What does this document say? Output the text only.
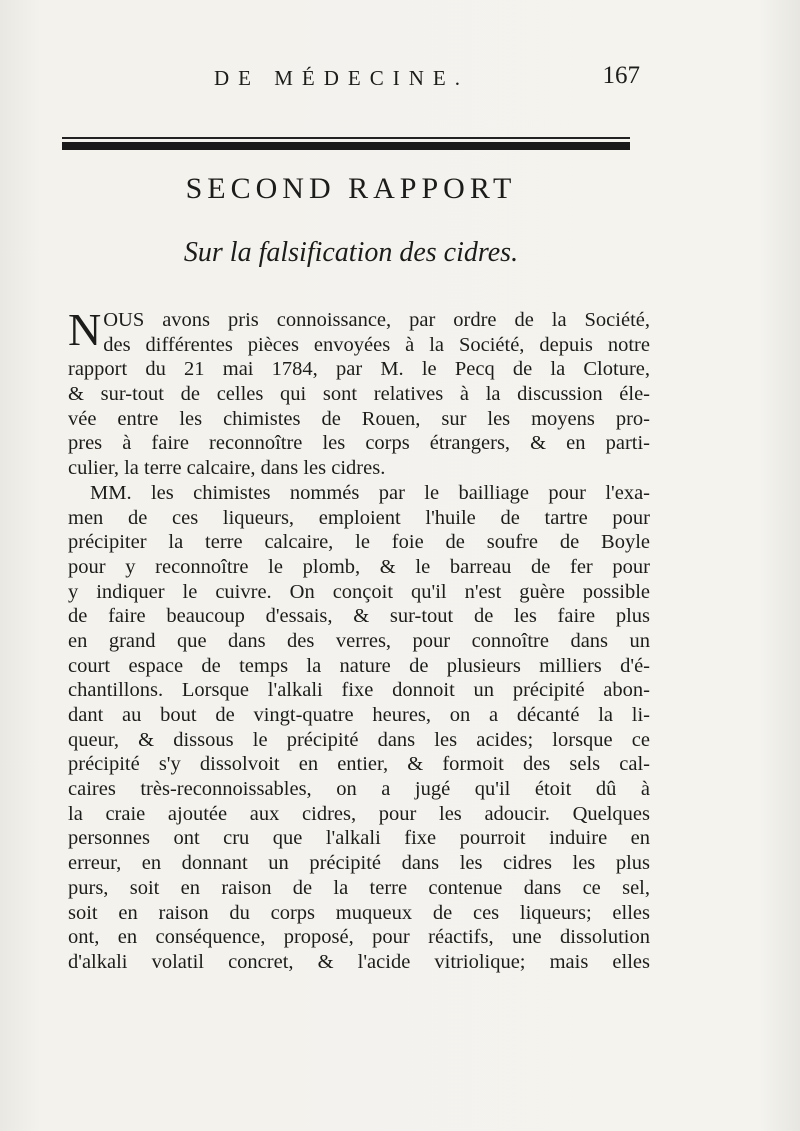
DE MÉDECINE.	167
SECOND RAPPORT
Sur la falsification des cidres.
N OUS avons pris connoissance, par ordre de la Société,
des différentes pièces envoyées à la Société, depuis notre
rapport du 21 mai 1784, par M. le Pecq de la Cloture,
& sur-tout de celles qui sont relatives à la discussion éle-
vée entre les chimistes de Rouen, sur les moyens pro-
pres à faire reconnoître les corps étrangers, & en parti-
culier, la terre calcaire, dans les cidres.
MM. les chimistes nommés par le bailliage pour l'exa-
men de ces liqueurs, emploient l'huile de tartre pour
précipiter la terre calcaire, le foie de soufre de Boyle
pour y reconnoître le plomb, & le barreau de fer pour
y indiquer le cuivre. On conçoit qu'il n'est guère possible
de faire beaucoup d'essais, & sur-tout de les faire plus
en grand que dans des verres, pour connoître dans un
court espace de temps la nature de plusieurs milliers d'é-
chantillons. Lorsque l'alkali fixe donnoit un précipité abon-
dant au bout de vingt-quatre heures, on a décanté la li-
queur, & dissous le précipité dans les acides; lorsque ce
précipité s'y dissolvoit en entier, & formoit des sels cal-
caires très-reconnoissables, on a jugé qu'il étoit dû à
la craie ajoutée aux cidres, pour les adoucir. Quelques
personnes ont cru que l'alkali fixe pourroit induire en
erreur, en donnant un précipité dans les cidres les plus
purs, soit en raison de la terre contenue dans ce sel,
soit en raison du corps muqueux de ces liqueurs; elles
ont, en conséquence, proposé, pour réactifs, une dissolution
d'alkali volatil concret, & l'acide vitriolique; mais elles
